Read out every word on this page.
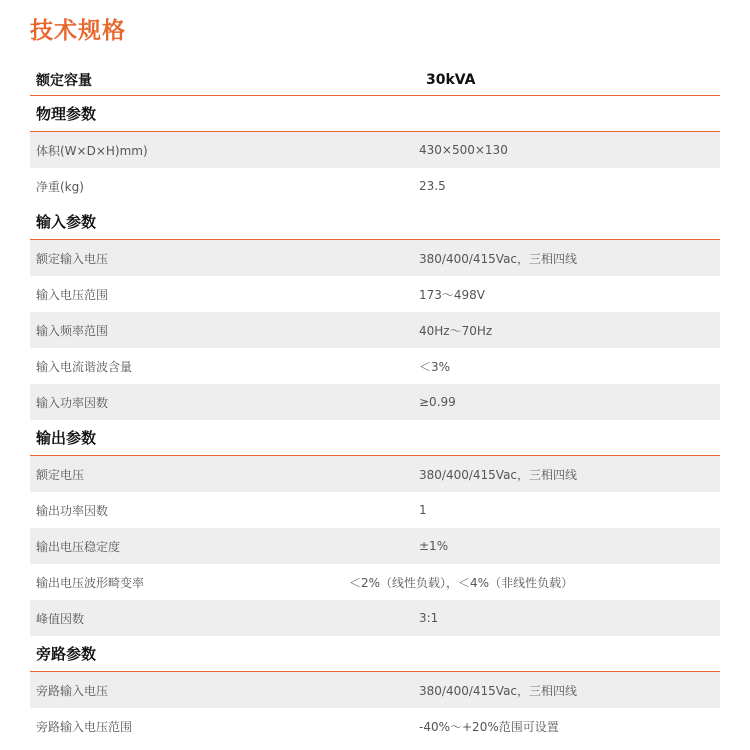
技术规格
额定容量	30kVA
物理参数
体积(W×D×H)mm)	430×500×130
净重(kg)	23.5
输入参数
额定输入电压	380/400/415Vac，三相四线
输入电压范围	173～498V
输入频率范围	40Hz～70Hz
输入电流谐波含量	＜3%
输入功率因数	≥0.99
输出参数
额定电压	380/400/415Vac，三相四线
输出功率因数	1
输出电压稳定度	±1%
输出电压波形畸变率	＜2%（线性负载），＜4%（非线性负载）
峰值因数	3:1
旁路参数
旁路输入电压	380/400/415Vac，三相四线
旁路输入电压范围	-40%～+20%范围可设置
